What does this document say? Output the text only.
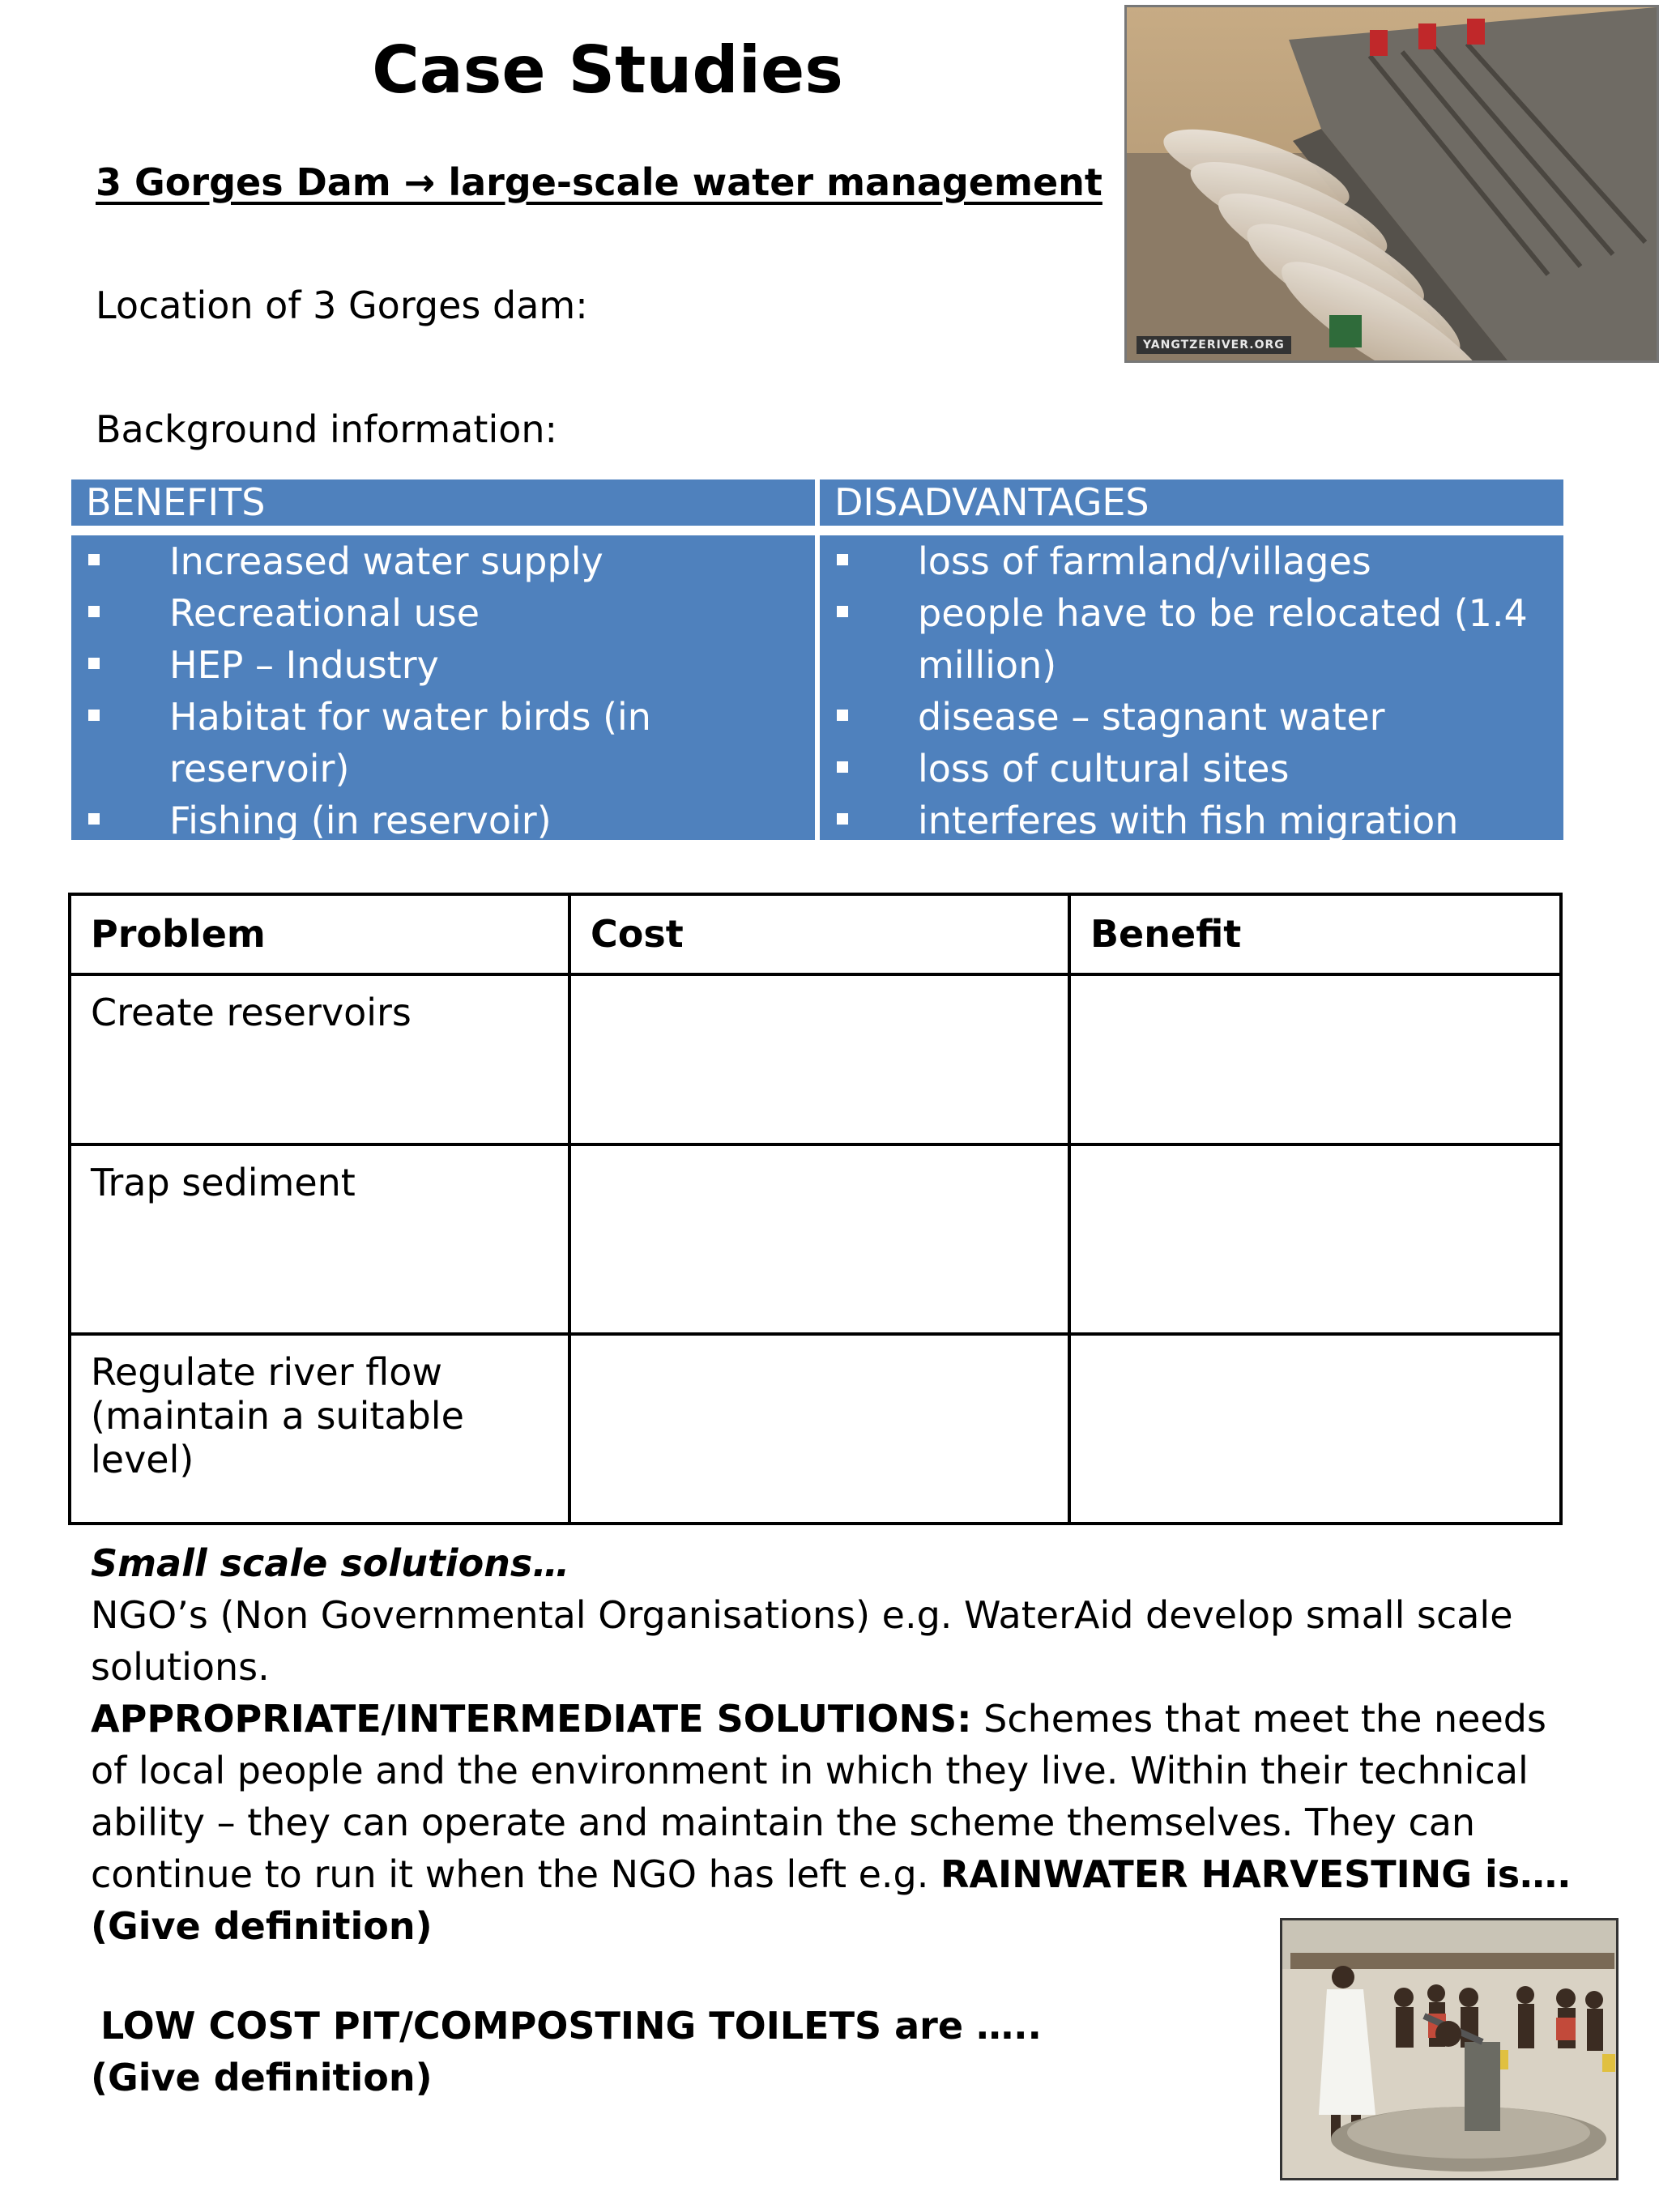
Case Studies
3 Gorges Dam → large-scale water management
Location of 3 Gorges dam:
Background information:
YANGTZERIVER.ORG
BENEFITS	DISADVANTAGES
Increased water supply
Recreational use
HEP – Industry
Habitat for water birds (in reservoir)
Fishing (in reservoir)
less navigation (no meanders)
loss of farmland/villages
people have to be relocated (1.4 million)
disease – stagnant water
loss of cultural sites
interferes with fish migration
Problem	Cost	Benefit
Create reservoirs		
Trap sediment		
Regulate river flow (maintain a suitable level)		
Small scale solutions…
NGO’s (Non Governmental Organisations) e.g. WaterAid develop small scale solutions.
APPROPRIATE/INTERMEDIATE SOLUTIONS: Schemes that meet the needs of local people and the environment in which they live. Within their technical ability – they can operate and maintain the scheme themselves. They can continue to run it when the NGO has left e.g. RAINWATER HARVESTING is….(Give definition)
LOW COST PIT/COMPOSTING TOILETS are …..
(Give definition)
